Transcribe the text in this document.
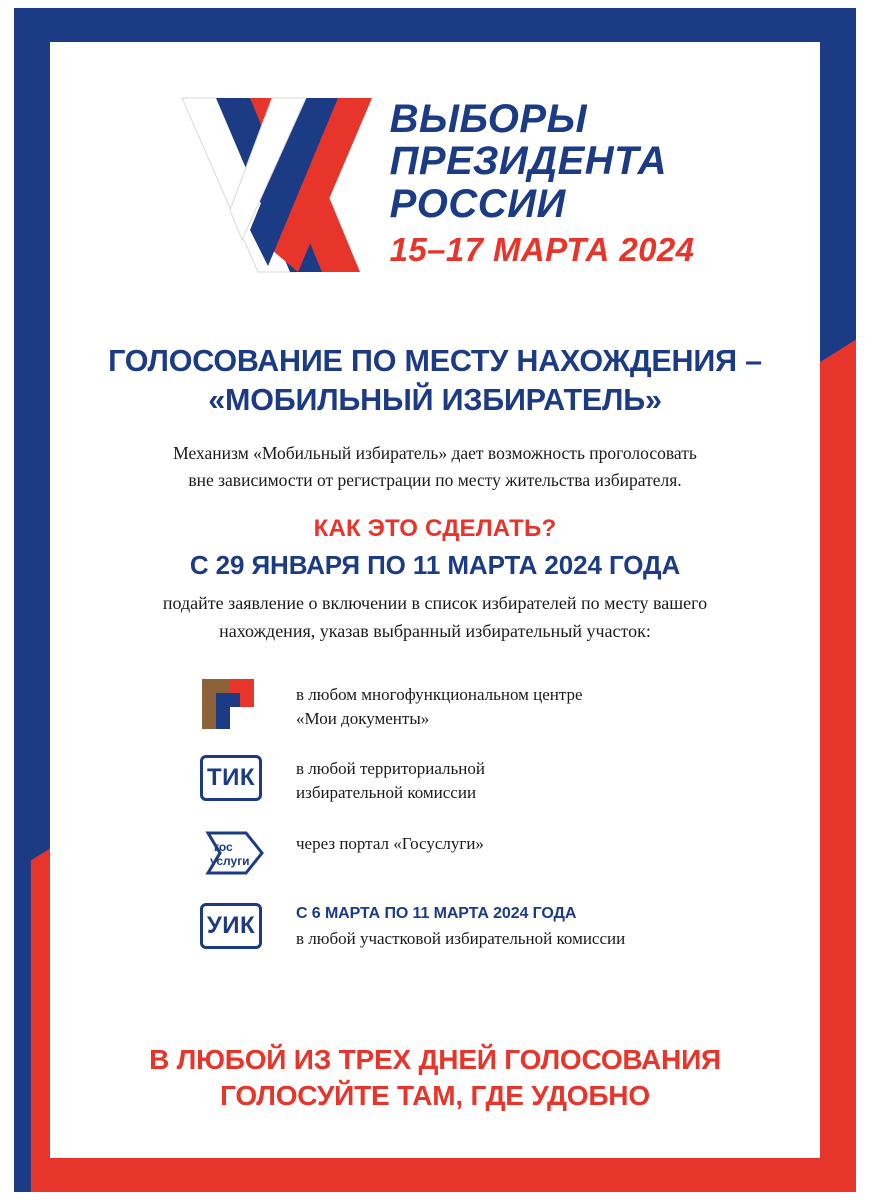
ВЫБОРЫ
ПРЕЗИДЕНТА
РОССИИ
15–17 МАРТА 2024
ГОЛОСОВАНИЕ ПО МЕСТУ НАХОЖДЕНИЯ –
«МОБИЛЬНЫЙ ИЗБИРАТЕЛЬ»
Механизм «Мобильный избиратель» дает возможность проголосовать
вне зависимости от регистрации по месту жительства избирателя.
КАК ЭТО СДЕЛАТЬ?
С 29 ЯНВАРЯ ПО 11 МАРТА 2024 ГОДА
подайте заявление о включении в список избирателей по месту вашего
нахождения, указав выбранный избирательный участок:
в любом многофункциональном центре
«Мои документы»
ТИК	в любой территориальной
избирательной комиссии
гос
услуги
через портал «Госуслуги»
УИК	С 6 МАРТА ПО 11 МАРТА 2024 ГОДА
в любой участковой избирательной комиссии
В ЛЮБОЙ ИЗ ТРЕХ ДНЕЙ ГОЛОСОВАНИЯ
ГОЛОСУЙТЕ ТАМ, ГДЕ УДОБНО
